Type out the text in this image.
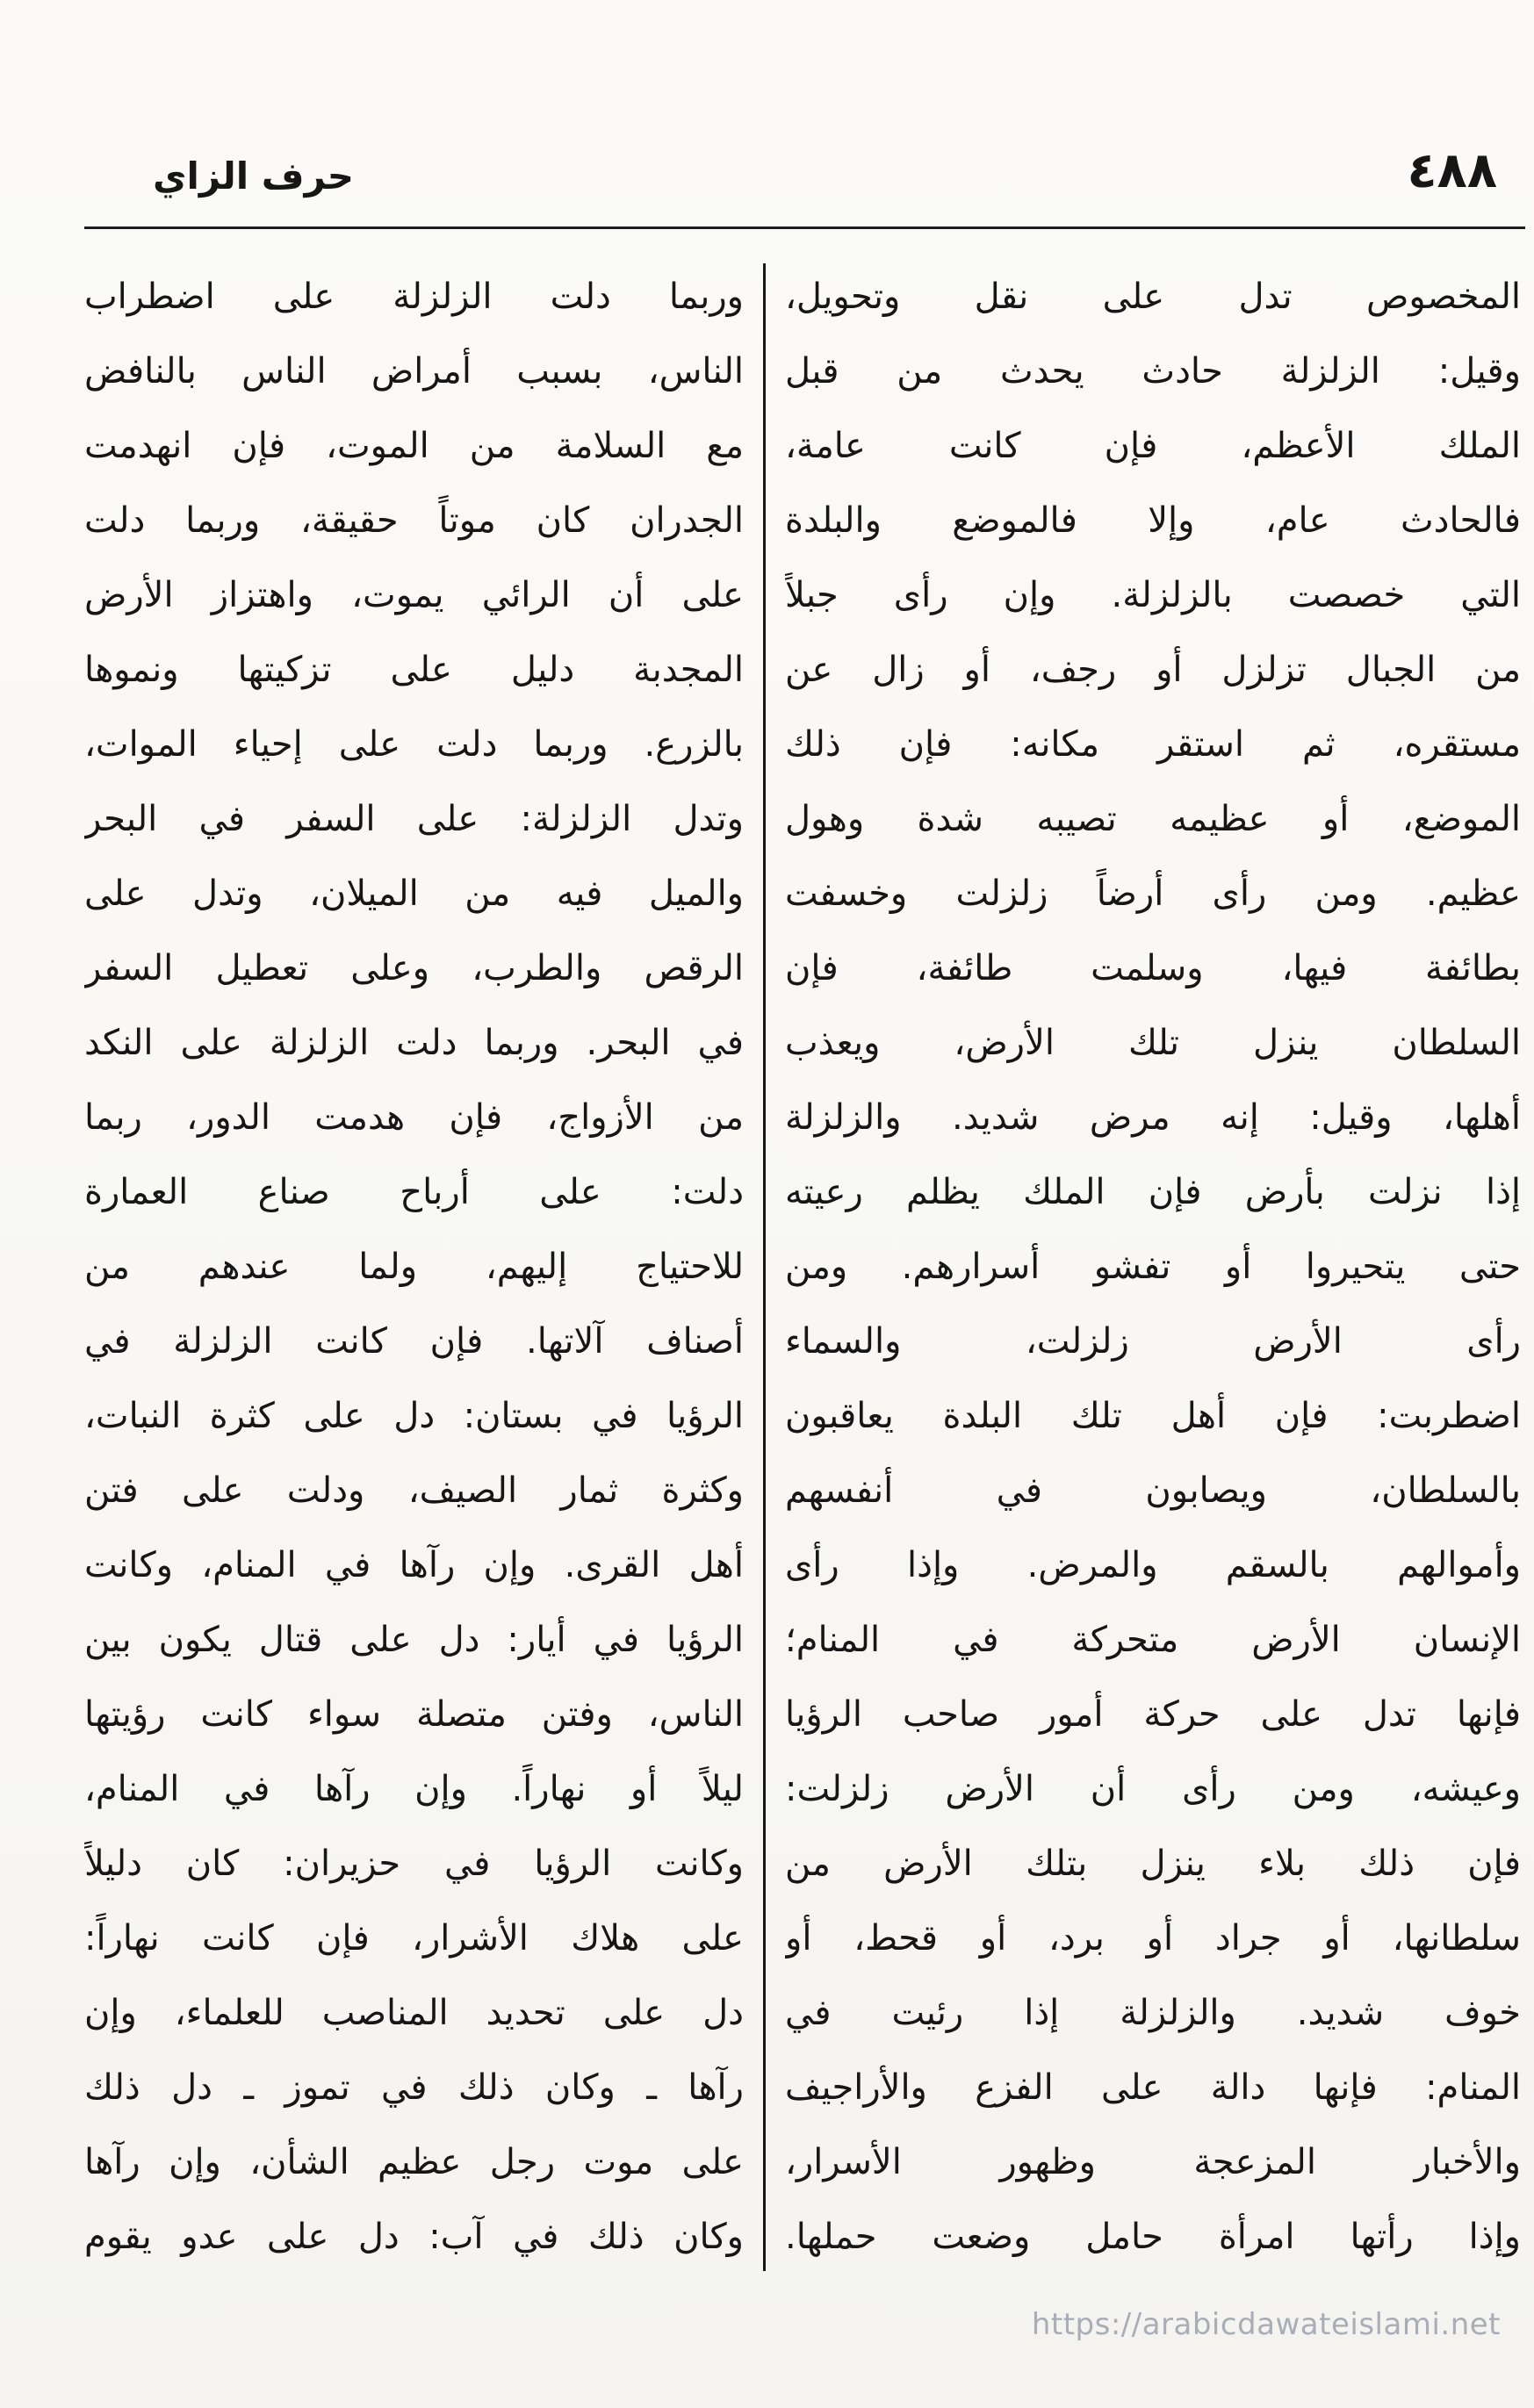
حرف الزاي	٤٨٨
المخصوص تدل على نقل وتحويل،
وقيل: الزلزلة حادث يحدث من قبل
الملك الأعظم، فإن كانت عامة،
فالحادث عام، وإلا فالموضع والبلدة
التي خصصت بالزلزلة. وإن رأى جبلاً
من الجبال تزلزل أو رجف، أو زال عن
مستقره، ثم استقر مكانه: فإن ذلك
الموضع، أو عظيمه تصيبه شدة وهول
عظيم. ومن رأى أرضاً زلزلت وخسفت
بطائفة فيها، وسلمت طائفة، فإن
السلطان ينزل تلك الأرض، ويعذب
أهلها، وقيل: إنه مرض شديد. والزلزلة
إذا نزلت بأرض فإن الملك يظلم رعيته
حتى يتحيروا أو تفشو أسرارهم. ومن
رأى الأرض زلزلت، والسماء
اضطربت: فإن أهل تلك البلدة يعاقبون
بالسلطان، ويصابون في أنفسهم
وأموالهم بالسقم والمرض. وإذا رأى
الإنسان الأرض متحركة في المنام؛
فإنها تدل على حركة أمور صاحب الرؤيا
وعيشه، ومن رأى أن الأرض زلزلت:
فإن ذلك بلاء ينزل بتلك الأرض من
سلطانها، أو جراد أو برد، أو قحط، أو
خوف شديد. والزلزلة إذا رئيت في
المنام: فإنها دالة على الفزع والأراجيف
والأخبار المزعجة وظهور الأسرار،
وإذا رأتها امرأة حامل وضعت حملها.
وربما دلت الزلزلة على اضطراب
الناس، بسبب أمراض الناس بالنافض
مع السلامة من الموت، فإن انهدمت
الجدران كان موتاً حقيقة، وربما دلت
على أن الرائي يموت، واهتزاز الأرض
المجدبة دليل على تزكيتها ونموها
بالزرع. وربما دلت على إحياء الموات،
وتدل الزلزلة: على السفر في البحر
والميل فيه من الميلان، وتدل على
الرقص والطرب، وعلى تعطيل السفر
في البحر. وربما دلت الزلزلة على النكد
من الأزواج، فإن هدمت الدور، ربما
دلت: على أرباح صناع العمارة
للاحتياج إليهم، ولما عندهم من
أصناف آلاتها. فإن كانت الزلزلة في
الرؤيا في بستان: دل على كثرة النبات،
وكثرة ثمار الصيف، ودلت على فتن
أهل القرى. وإن رآها في المنام، وكانت
الرؤيا في أيار: دل على قتال يكون بين
الناس، وفتن متصلة سواء كانت رؤيتها
ليلاً أو نهاراً. وإن رآها في المنام،
وكانت الرؤيا في حزيران: كان دليلاً
على هلاك الأشرار، فإن كانت نهاراً:
دل على تحديد المناصب للعلماء، وإن
رآها ـ وكان ذلك في تموز ـ دل ذلك
على موت رجل عظيم الشأن، وإن رآها
وكان ذلك في آب: دل على عدو يقوم
https://arabicdawateislami.net
